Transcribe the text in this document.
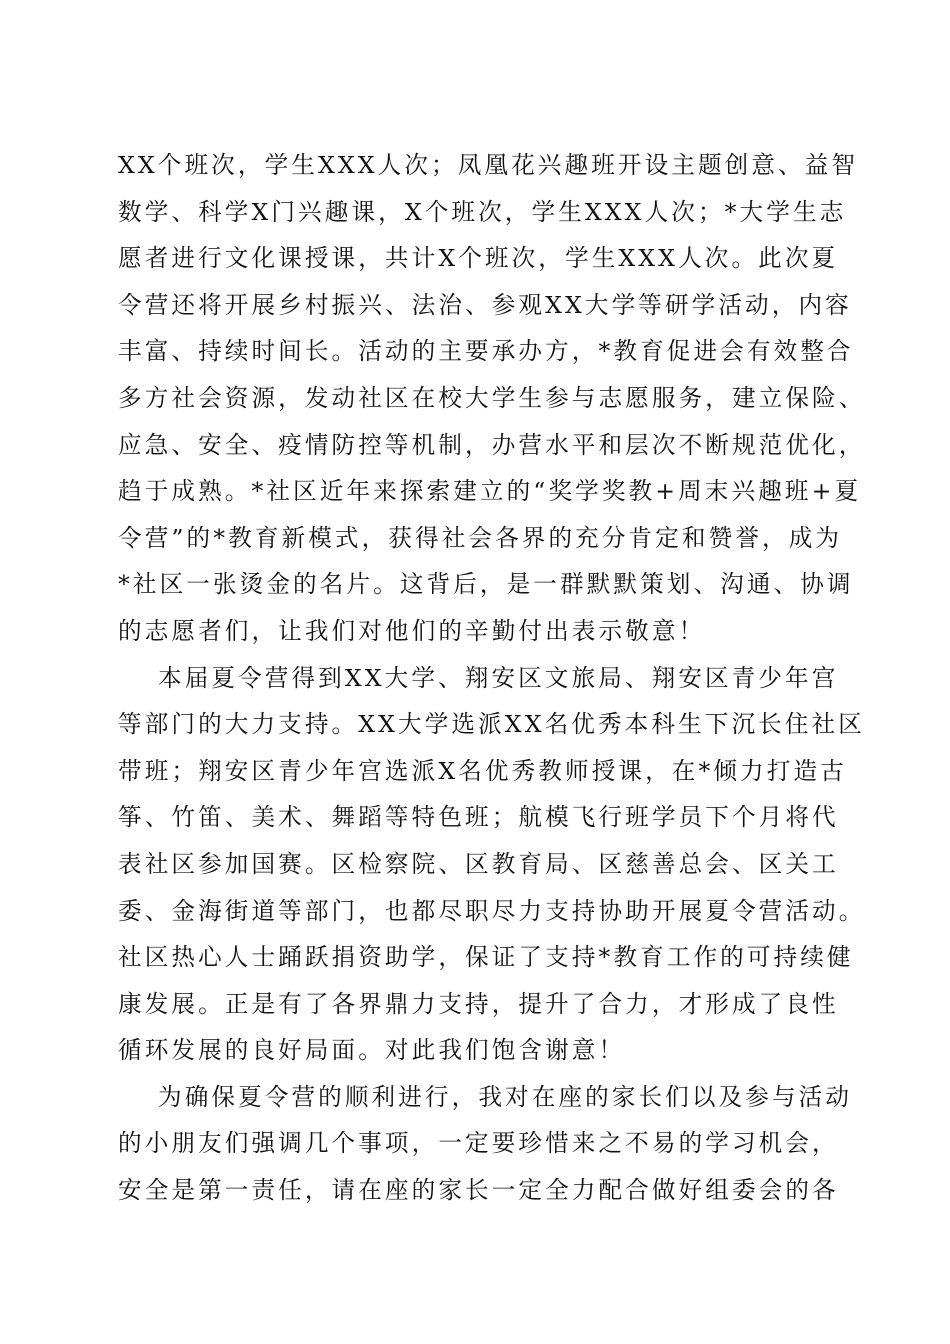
XX个班次，学生XXX人次；凤凰花兴趣班开设主题创意、益智
数学、科学X门兴趣课，X个班次，学生XXX人次；*大学生志
愿者进行文化课授课，共计X个班次，学生XXX人次。此次夏
令营还将开展乡村振兴、法治、参观XX大学等研学活动，内容
丰富、持续时间长。活动的主要承办方，*教育促进会有效整合
多方社会资源，发动社区在校大学生参与志愿服务，建立保险、
应急、安全、疫情防控等机制，办营水平和层次不断规范优化，
趋于成熟。*社区近年来探索建立的“奖学奖教+周末兴趣班+夏
令营”的*教育新模式，获得社会各界的充分肯定和赞誉，成为
*社区一张烫金的名片。这背后，是一群默默策划、沟通、协调
的志愿者们，让我们对他们的辛勤付出表示敬意！
本届夏令营得到XX大学、翔安区文旅局、翔安区青少年宫
等部门的大力支持。XX大学选派XX名优秀本科生下沉长住社区
带班；翔安区青少年宫选派X名优秀教师授课，在*倾力打造古
筝、竹笛、美术、舞蹈等特色班；航模飞行班学员下个月将代
表社区参加国赛。区检察院、区教育局、区慈善总会、区关工
委、金海街道等部门，也都尽职尽力支持协助开展夏令营活动。
社区热心人士踊跃捐资助学，保证了支持*教育工作的可持续健
康发展。正是有了各界鼎力支持，提升了合力，才形成了良性
循环发展的良好局面。对此我们饱含谢意！
为确保夏令营的顺利进行，我对在座的家长们以及参与活动
的小朋友们强调几个事项，一定要珍惜来之不易的学习机会，
安全是第一责任，请在座的家长一定全力配合做好组委会的各
